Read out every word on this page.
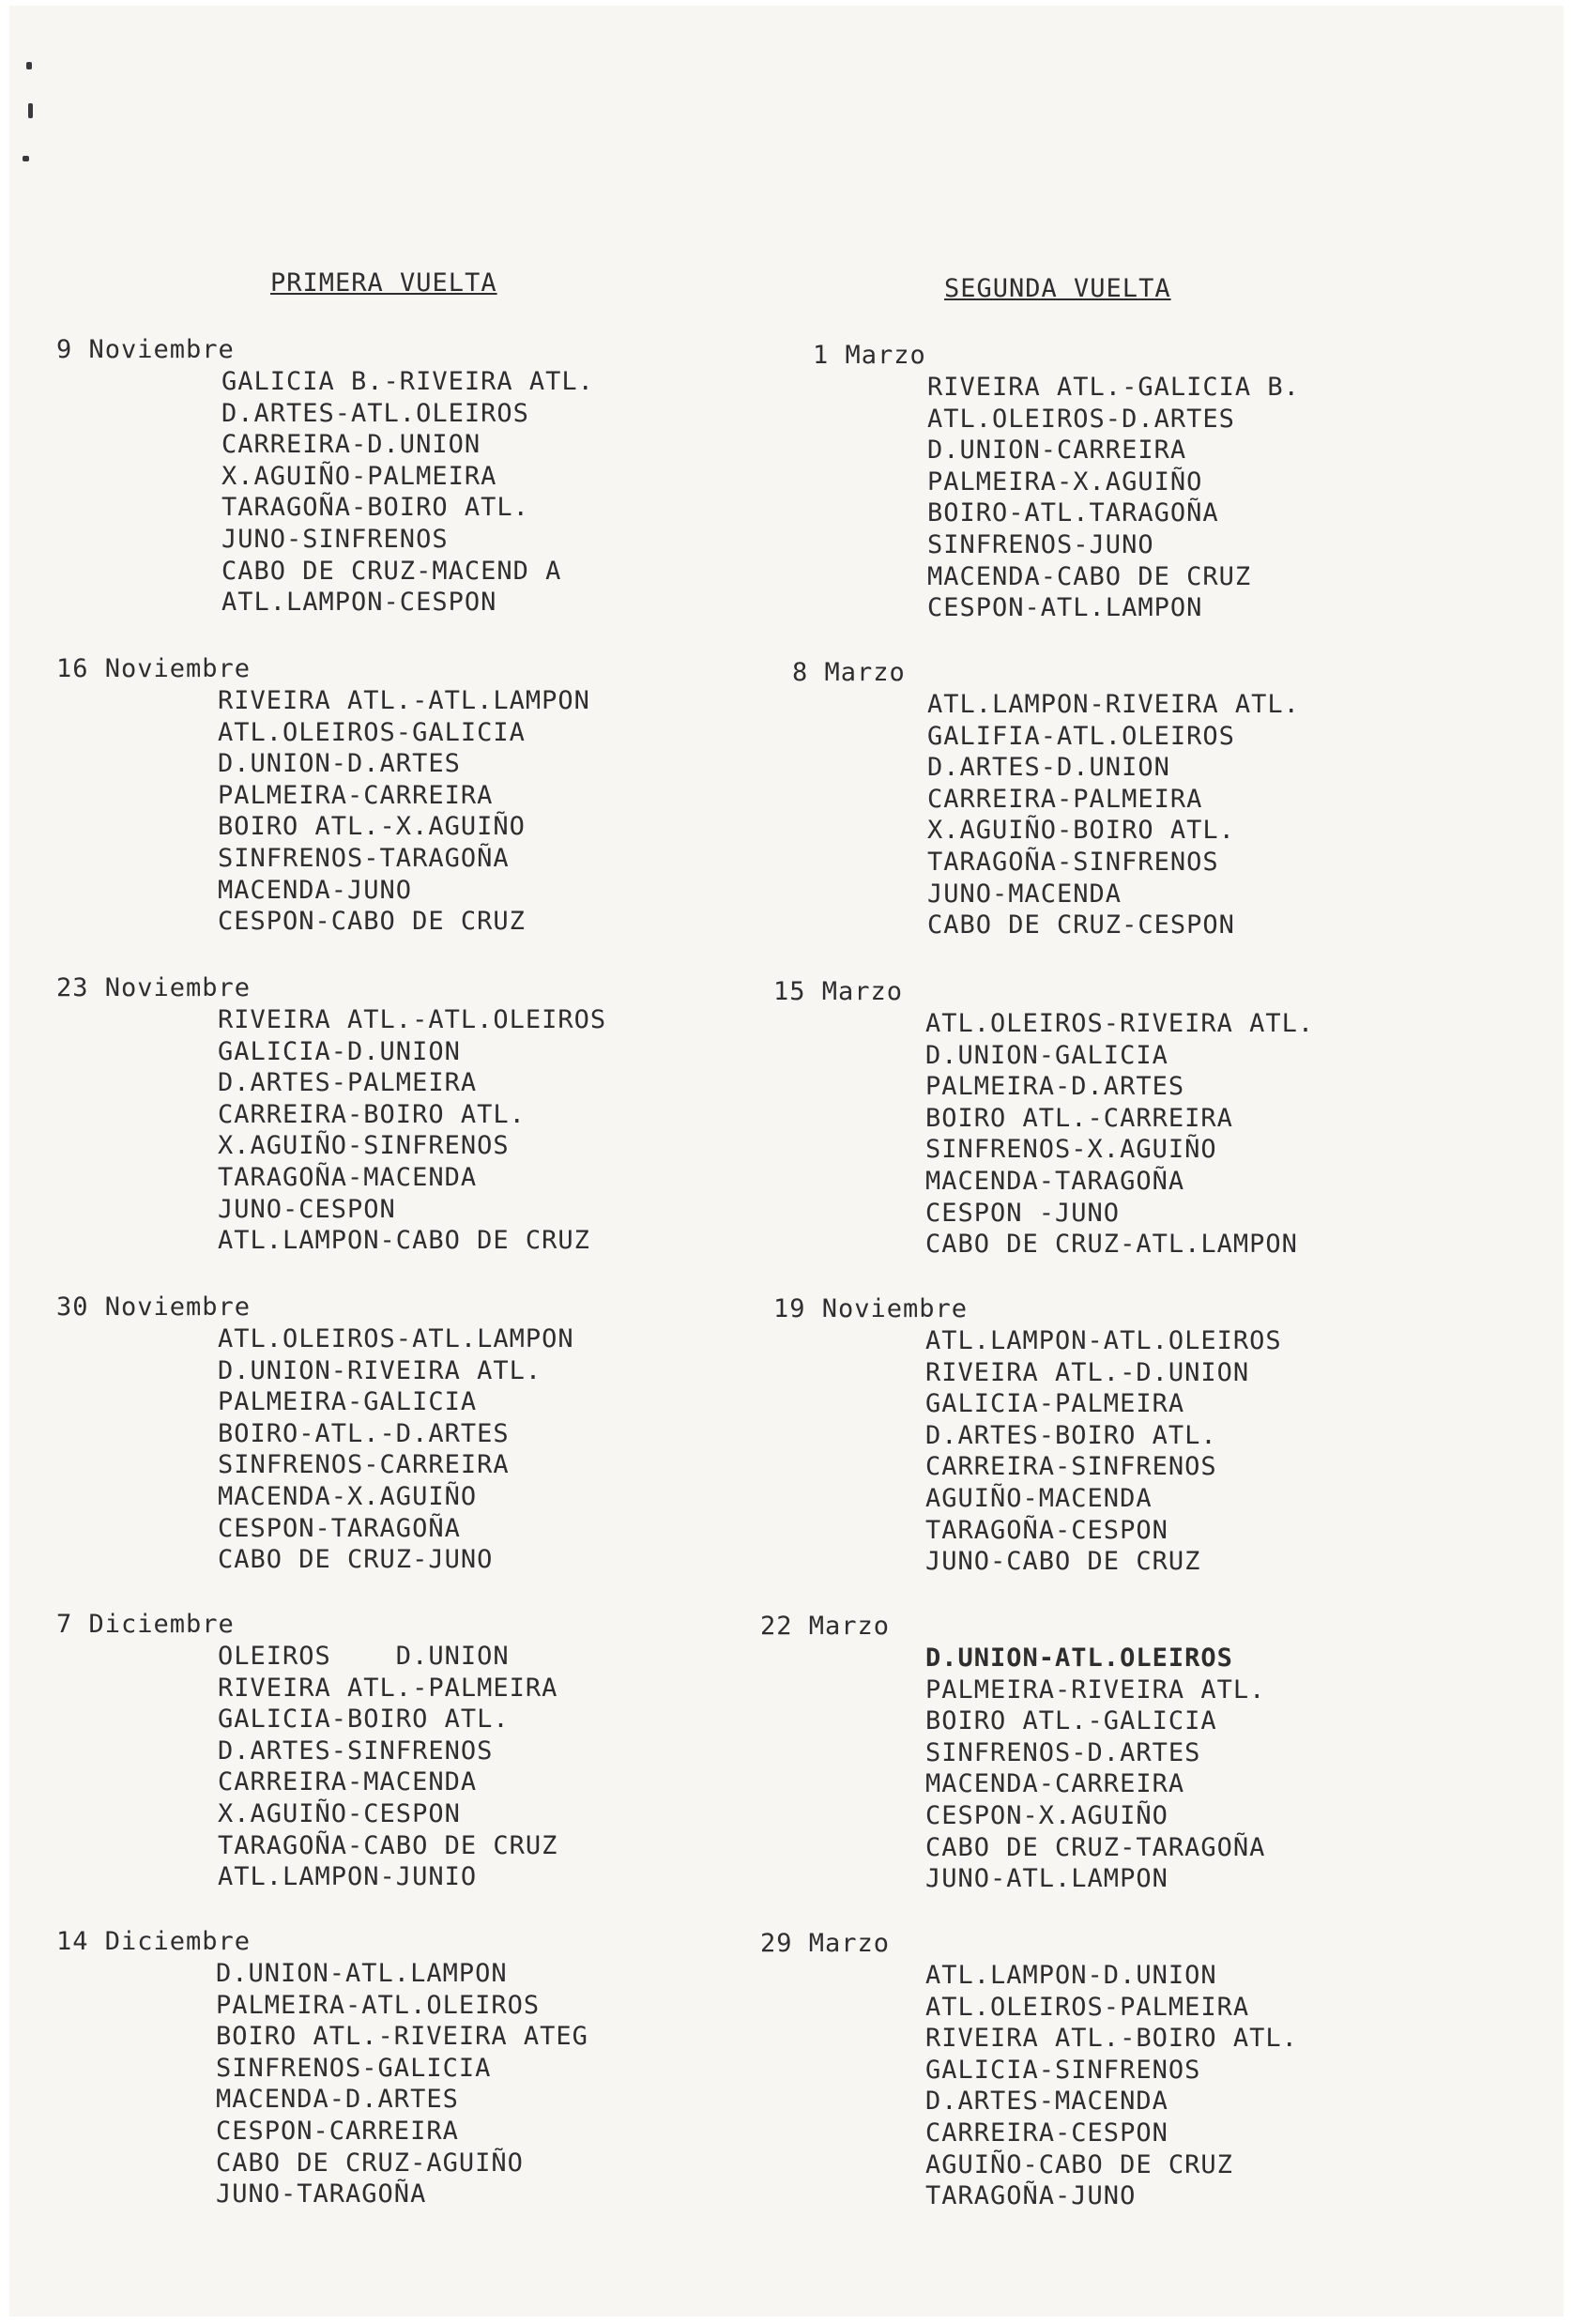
PRIMERA VUELTA	SEGUNDA VUELTA
9 Noviembre
GALICIA B.-RIVEIRA ATL.
D.ARTES-ATL.OLEIROS
CARREIRA-D.UNION
X.AGUIÑO-PALMEIRA
TARAGOÑA-BOIRO ATL.
JUNO-SINFRENOS
CABO DE CRUZ-MACEND A
ATL.LAMPON-CESPON
16 Noviembre
RIVEIRA ATL.-ATL.LAMPON
ATL.OLEIROS-GALICIA
D.UNION-D.ARTES
PALMEIRA-CARREIRA
BOIRO ATL.-X.AGUIÑO
SINFRENOS-TARAGOÑA
MACENDA-JUNO
CESPON-CABO DE CRUZ
23 Noviembre
RIVEIRA ATL.-ATL.OLEIROS
GALICIA-D.UNION
D.ARTES-PALMEIRA
CARREIRA-BOIRO ATL.
X.AGUIÑO-SINFRENOS
TARAGOÑA-MACENDA
JUNO-CESPON
ATL.LAMPON-CABO DE CRUZ
30 Noviembre
ATL.OLEIROS-ATL.LAMPON
D.UNION-RIVEIRA ATL.
PALMEIRA-GALICIA
BOIRO-ATL.-D.ARTES
SINFRENOS-CARREIRA
MACENDA-X.AGUIÑO
CESPON-TARAGOÑA
CABO DE CRUZ-JUNO
7 Diciembre
OLEIROS    D.UNION
RIVEIRA ATL.-PALMEIRA
GALICIA-BOIRO ATL.
D.ARTES-SINFRENOS
CARREIRA-MACENDA
X.AGUIÑO-CESPON
TARAGOÑA-CABO DE CRUZ
ATL.LAMPON-JUNIO
14 Diciembre
D.UNION-ATL.LAMPON
PALMEIRA-ATL.OLEIROS
BOIRO ATL.-RIVEIRA ATEG
SINFRENOS-GALICIA
MACENDA-D.ARTES
CESPON-CARREIRA
CABO DE CRUZ-AGUIÑO
JUNO-TARAGOÑA
1 Marzo
RIVEIRA ATL.-GALICIA B.
ATL.OLEIROS-D.ARTES
D.UNION-CARREIRA
PALMEIRA-X.AGUIÑO
BOIRO-ATL.TARAGOÑA
SINFRENOS-JUNO
MACENDA-CABO DE CRUZ
CESPON-ATL.LAMPON
8 Marzo
ATL.LAMPON-RIVEIRA ATL.
GALIFIA-ATL.OLEIROS
D.ARTES-D.UNION
CARREIRA-PALMEIRA
X.AGUIÑO-BOIRO ATL.
TARAGOÑA-SINFRENOS
JUNO-MACENDA
CABO DE CRUZ-CESPON
15 Marzo
ATL.OLEIROS-RIVEIRA ATL.
D.UNION-GALICIA
PALMEIRA-D.ARTES
BOIRO ATL.-CARREIRA
SINFRENOS-X.AGUIÑO
MACENDA-TARAGOÑA
CESPON -JUNO
CABO DE CRUZ-ATL.LAMPON
19 Noviembre
ATL.LAMPON-ATL.OLEIROS
RIVEIRA ATL.-D.UNION
GALICIA-PALMEIRA
D.ARTES-BOIRO ATL.
CARREIRA-SINFRENOS
AGUIÑO-MACENDA
TARAGOÑA-CESPON
JUNO-CABO DE CRUZ
22 Marzo
D.UNION-ATL.OLEIROS
PALMEIRA-RIVEIRA ATL.
BOIRO ATL.-GALICIA
SINFRENOS-D.ARTES
MACENDA-CARREIRA
CESPON-X.AGUIÑO
CABO DE CRUZ-TARAGOÑA
JUNO-ATL.LAMPON
29 Marzo
ATL.LAMPON-D.UNION
ATL.OLEIROS-PALMEIRA
RIVEIRA ATL.-BOIRO ATL.
GALICIA-SINFRENOS
D.ARTES-MACENDA
CARREIRA-CESPON
AGUIÑO-CABO DE CRUZ
TARAGOÑA-JUNO
